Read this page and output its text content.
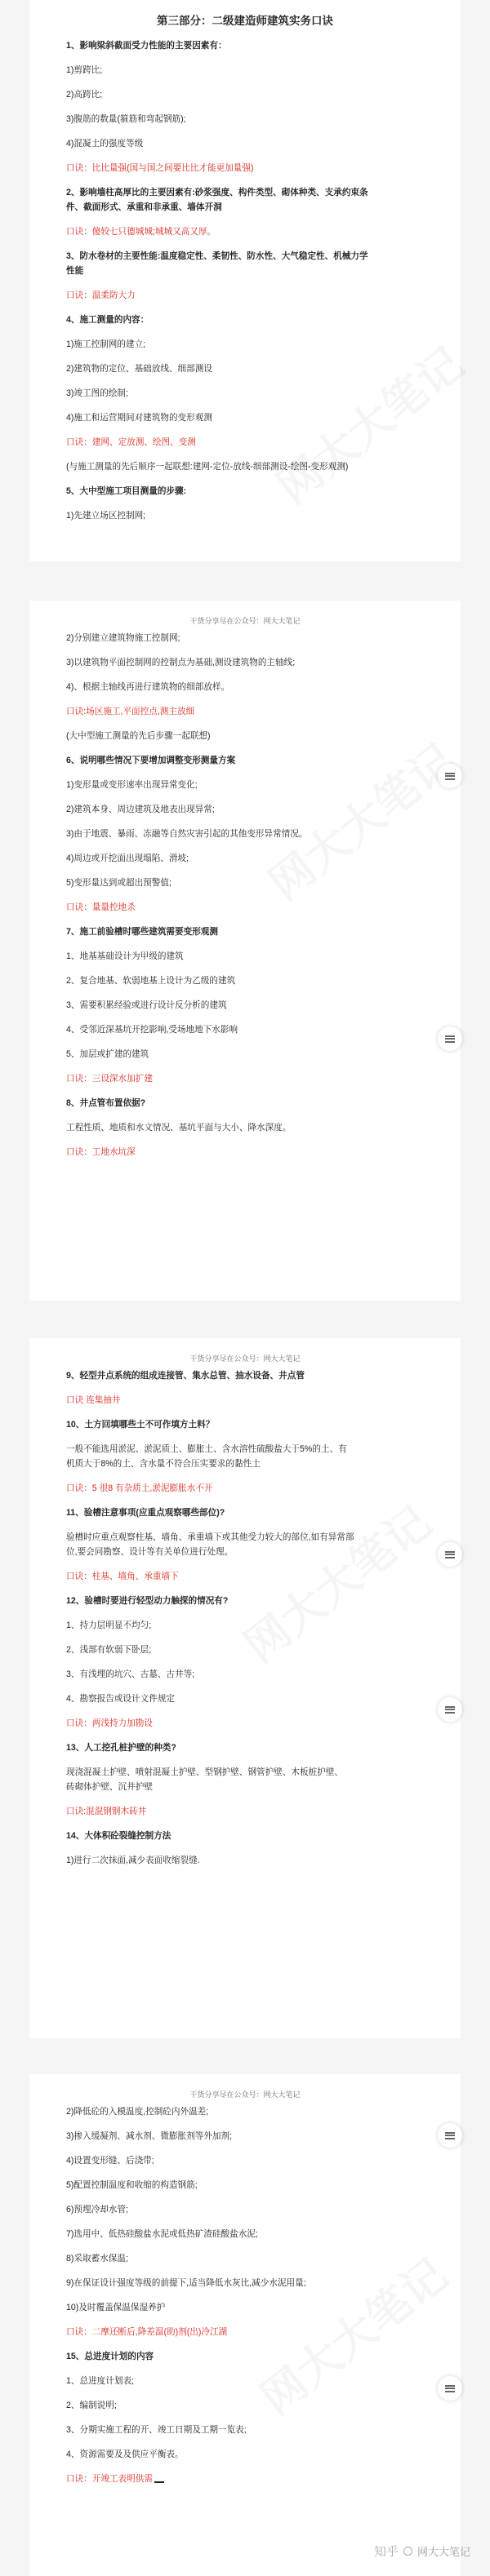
第三部分：二级建造师建筑实务口诀
1、影响梁斜截面受力性能的主要因素有：
1)剪跨比;
2)高跨比;
3)腹筋的数量(箍筋和弯起钢筋);
4)混凝土的强度等级
口诀：比比量强(国与国之间要比比才能更加量强)
2、影响墙柱高厚比的主要因素有:砂浆强度、构件类型、砌体种类、支承约束条
件、截面形式、承重和非承重、墙体开洞
口诀：傻较七只德城城;城城又高又厚。
3、防水卷材的主要性能:温度稳定性、柔韧性、防水性、大气稳定性、机械力学
性能
口诀：温柔防大力
4、施工测量的内容：
1)施工控制网的建立;
2)建筑物的定位、基础放线、细部测设
3)竣工图的绘制;
4)施工和运营期间对建筑物的变形观测
口诀：建网、定放测、绘图、变测
(与施工测量的先后顺序一起联想:建网-定位-放线-细部测设-绘图-变形观测)
5、大中型施工项目测量的步骤:
1)先建立场区控制网;
干货分享尽在公众号：网大大笔记
2)分别建立建筑物施工控制网;
3)以建筑物平面控制网的控制点为基础,测设建筑物的主轴线;
4)、根据主轴线再进行建筑物的细部放样。
口诀:场区施工,平面控点,测主放细
(大中型施工测量的先后步骤一起联想)
6、说明哪些情况下要增加调整变形测量方案
1)变形量或变形速率出现异常变化;
2)建筑本身、周边建筑及地表出现异常;
3)由于地震、暴雨、冻融等自然灾害引起的其他变形异常情况。
4)周边或开挖面出现塌陷、滑坡;
5)变形量达到或超出预警值;
口诀：量量控地杀
7、施工前验槽时哪些建筑需要变形观测
1、地基基础设计为甲级的建筑
2、复合地基、软弱地基上设计为乙级的建筑
3、需要积累经验或进行设计反分析的建筑
4、受邻近深基坑开挖影响,受场地地下水影响
5、加层或扩建的建筑
口诀：三设深水加扩建
8、井点管布置依据?
工程性质、地质和水文情况、基坑平面与大小、降水深度。
口诀：工地水坑深
干货分享尽在公众号：网大大笔记
9、轻型井点系统的组成连接管、集水总管、抽水设备、井点管
口诀 连集抽井
10、土方回填哪些土不可作填方土料？
一般不能选用淤泥、淤泥质土、膨胀土、含水溶性硫酸盐大于5%的土、有
机质大于8%的土、含水量不符合压实要求的黏性土
口诀：5 很8 有杂质土,淤泥膨胀水不开
11、验槽注意事项(应重点观察哪些部位)?
验槽时应重点观察柱基、墙角、承重墙下或其他受力较大的部位,如有异常部
位,要会同勘察、设计等有关单位进行处理。
口诀：柱基、墙角、承重墙下
12、验槽时要进行轻型动力触探的情况有?
1、持力层明显不均匀;
2、浅部有软弱下卧层;
3、有浅埋的坑穴、古墓、古井等;
4、勘察报告或设计文件规定
口诀：两浅持力加勘设
13、人工挖孔桩护壁的种类?
现浇混凝土护壁、喷射混凝土护壁、型钢护壁、钢管护壁、木板桩护壁、
砖砌体护壁、沉井护壁
口诀:混混钢钢木砖井
14、大体积砼裂缝控制方法
1)进行二次抹面,减少表面收缩裂缝.
干货分享尽在公众号：网大大笔记
2)降低砼的入模温度,控制砼内外温差;
3)掺入缓凝剂、减水剂、微膨胀剂等外加剂;
4)设置变形缝、后浇带;
5)配置控制温度和收缩的构造钢筋;
6)预埋冷却水管;
7)选用中、低热硅酸盐水泥或低热矿渣硅酸盐水泥;
8)采取蓄水保温;
9)在保证设计强度等级的前提下,适当降低水灰比,减少水泥用量;
10)及时覆盖保温保湿养护
口诀：二摩还断后,降差温(助)剂(出)冷江湖
15、总进度计划的内容
1、总进度计划表;
2、编制说明;
3、分期实施工程的开、竣工日期及工期一览表;
4、资源需要及及供应平衡表。
口诀：开竣工表明供需
知乎 网大大笔记
